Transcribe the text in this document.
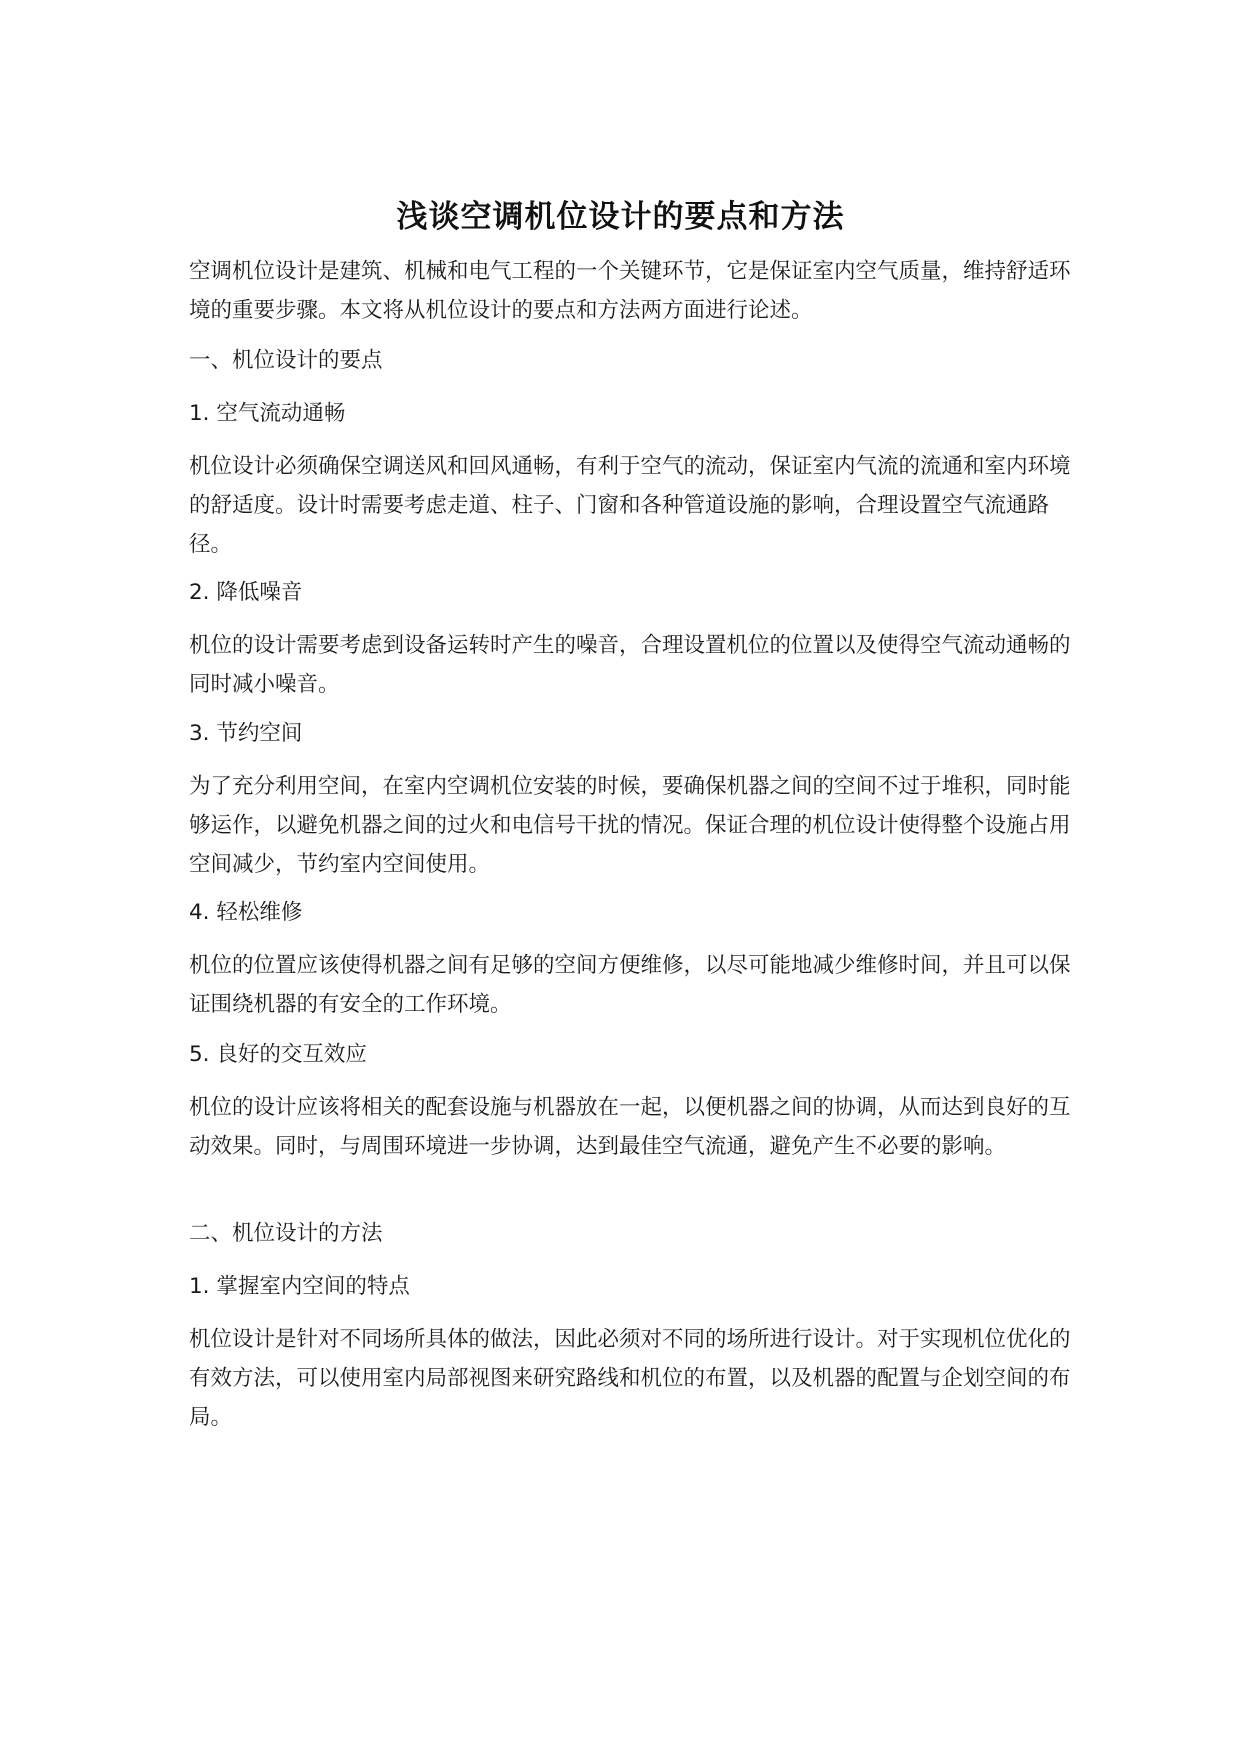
浅谈空调机位设计的要点和方法

空调机位设计是建筑、机械和电气工程的一个关键环节，它是保证室内空气质量，维持舒适环境的重要步骤。本文将从机位设计的要点和方法两方面进行论述。

一、机位设计的要点

1. 空气流动通畅

机位设计必须确保空调送风和回风通畅，有利于空气的流动，保证室内气流的流通和室内环境的舒适度。设计时需要考虑走道、柱子、门窗和各种管道设施的影响，合理设置空气流通路径。

2. 降低噪音

机位的设计需要考虑到设备运转时产生的噪音，合理设置机位的位置以及使得空气流动通畅的同时减小噪音。

3. 节约空间

为了充分利用空间，在室内空调机位安装的时候，要确保机器之间的空间不过于堆积，同时能够运作，以避免机器之间的过火和电信号干扰的情况。保证合理的机位设计使得整个设施占用空间减少，节约室内空间使用。

4. 轻松维修

机位的位置应该使得机器之间有足够的空间方便维修，以尽可能地减少维修时间，并且可以保证围绕机器的有安全的工作环境。

5. 良好的交互效应

机位的设计应该将相关的配套设施与机器放在一起，以便机器之间的协调，从而达到良好的互动效果。同时，与周围环境进一步协调，达到最佳空气流通，避免产生不必要的影响。

二、机位设计的方法

1. 掌握室内空间的特点

机位设计是针对不同场所具体的做法，因此必须对不同的场所进行设计。对于实现机位优化的有效方法，可以使用室内局部视图来研究路线和机位的布置，以及机器的配置与企划空间的布局。
